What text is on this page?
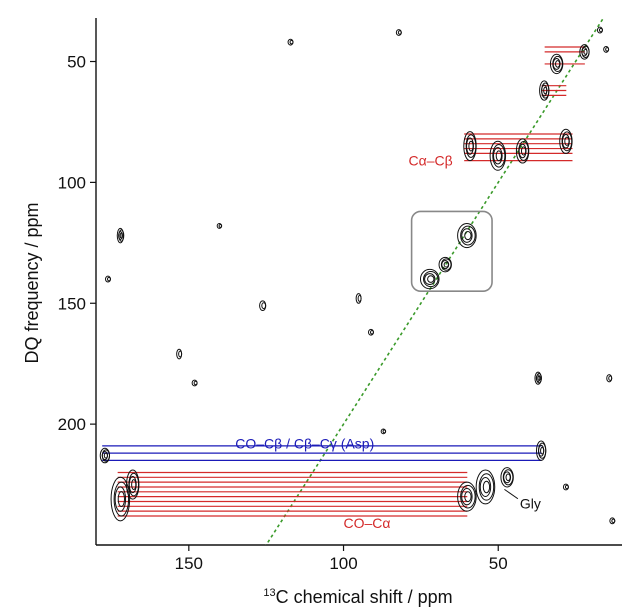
150	100	50
50
100
150
200
Cα–Cβ
CO–Cβ / Cβ–Cγ (Asp)
CO–Cα
Gly
$^{13}$C chemical shift / ppm
DQ frequency / ppm
